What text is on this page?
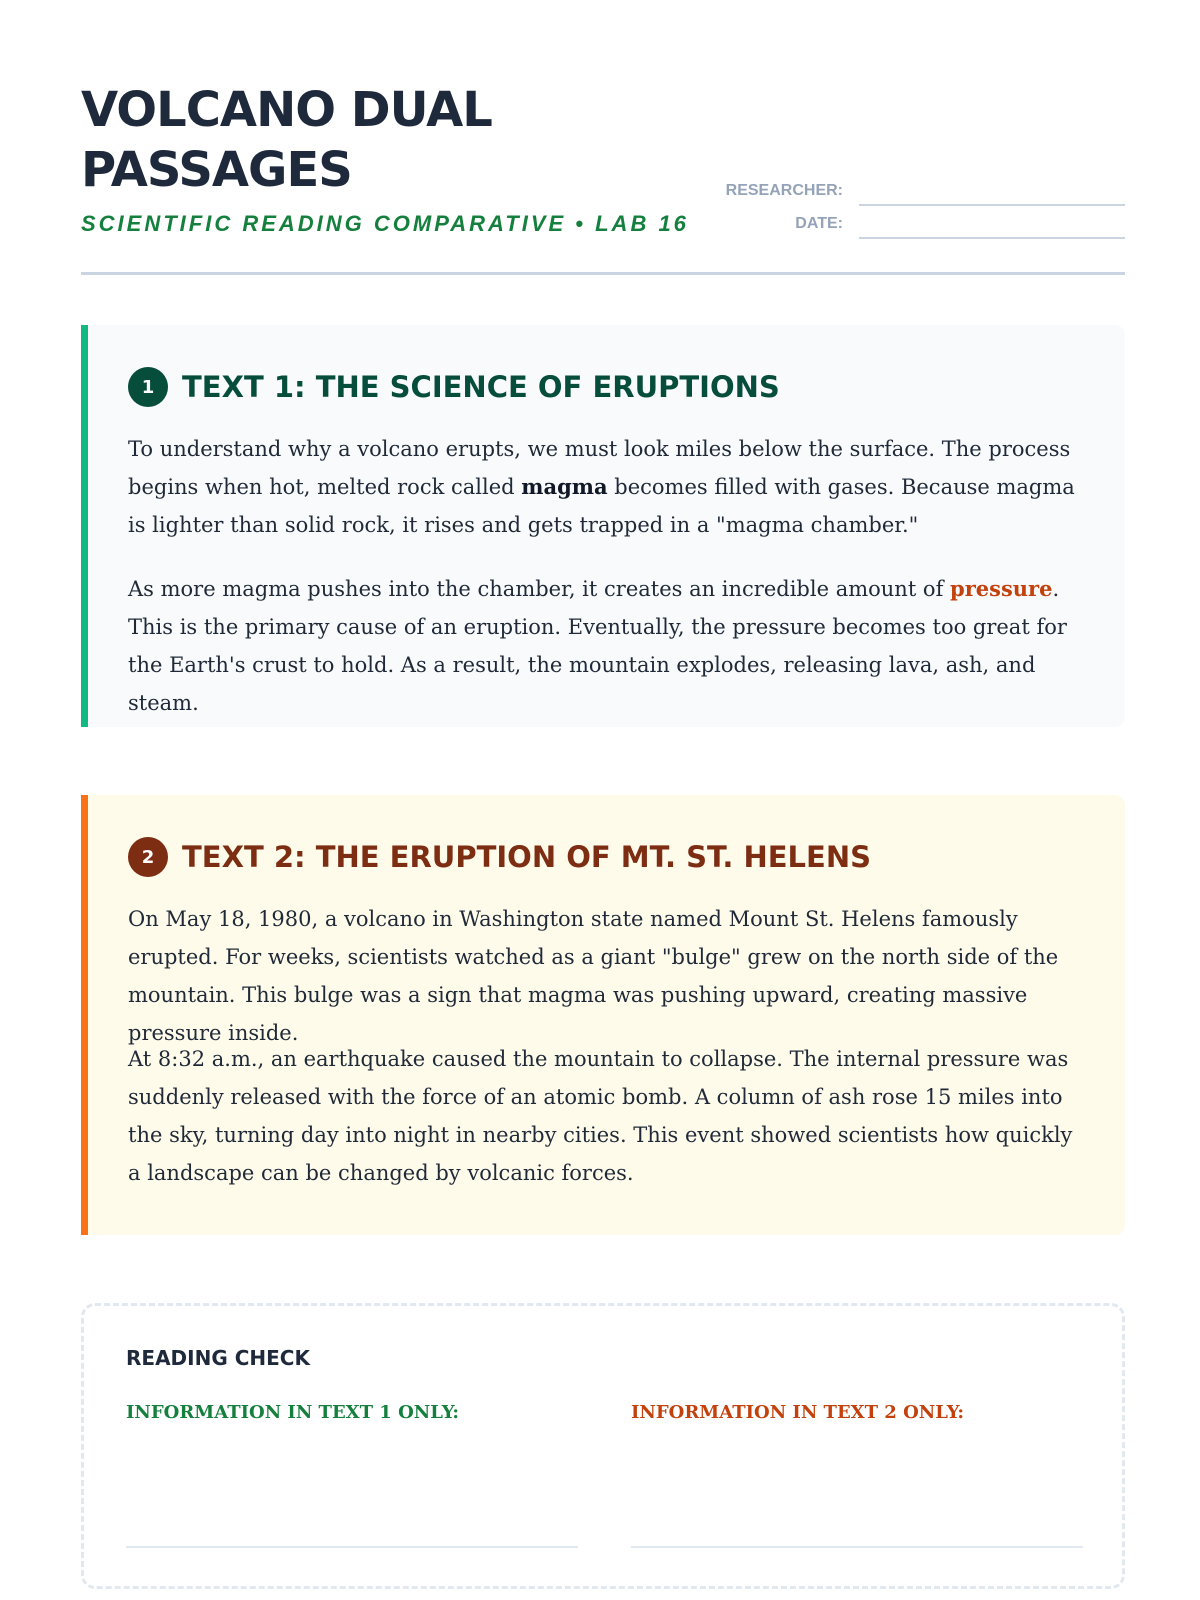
VOLCANO DUAL
PASSAGES

SCIENTIFIC READING COMPARATIVE • LAB 16

RESEARCHER:
DATE:
1 TEXT 1: THE SCIENCE OF ERUPTIONS

To understand why a volcano erupts, we must look miles below the surface. The process begins when hot, melted rock called magma becomes filled with gases. Because magma is lighter than solid rock, it rises and gets trapped in a "magma chamber."

As more magma pushes into the chamber, it creates an incredible amount of pressure. This is the primary cause of an eruption. Eventually, the pressure becomes too great for the Earth's crust to hold. As a result, the mountain explodes, releasing lava, ash, and steam.

2 TEXT 2: THE ERUPTION OF MT. ST. HELENS

On May 18, 1980, a volcano in Washington state named Mount St. Helens famously erupted. For weeks, scientists watched as a giant "bulge" grew on the north side of the mountain. This bulge was a sign that magma was pushing upward, creating massive pressure inside.

At 8:32 a.m., an earthquake caused the mountain to collapse. The internal pressure was suddenly released with the force of an atomic bomb. A column of ash rose 15 miles into the sky, turning day into night in nearby cities. This event showed scientists how quickly a landscape can be changed by volcanic forces.

READING CHECK

INFORMATION IN TEXT 1 ONLY:	INFORMATION IN TEXT 2 ONLY:
